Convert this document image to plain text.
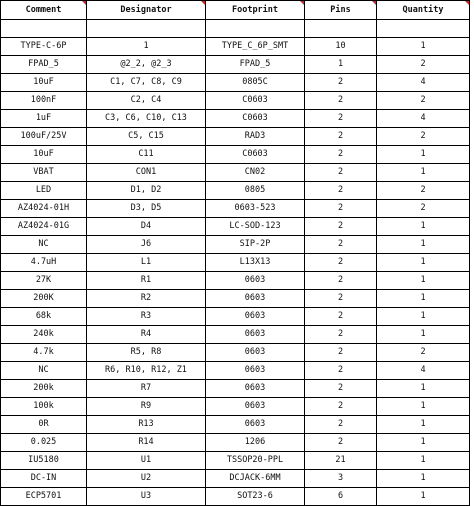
Comment	Designator	Footprint	Pins	Quantity

TYPE-C-6P	1	TYPE_C_6P_SMT	10	1
FPAD_5	@2_2, @2_3	FPAD_5	1	2
10uF	C1, C7, C8, C9	0805C	2	4
100nF	C2, C4	C0603	2	2
1uF	C3, C6, C10, C13	C0603	2	4
100uF/25V	C5, C15	RAD3	2	2
10uF	C11	C0603	2	1
VBAT	CON1	CN02	2	1
LED	D1, D2	0805	2	2
AZ4024-01H	D3, D5	0603-523	2	2
AZ4024-01G	D4	LC-SOD-123	2	1
NC	J6	SIP-2P	2	1
4.7uH	L1	L13X13	2	1
27K	R1	0603	2	1
200K	R2	0603	2	1
68k	R3	0603	2	1
240k	R4	0603	2	1
4.7k	R5, R8	0603	2	2
NC	R6, R10, R12, Z1	0603	2	4
200k	R7	0603	2	1
100k	R9	0603	2	1
0R	R13	0603	2	1
0.025	R14	1206	2	1
IU5180	U1	TSSOP20-PPL	21	1
DC-IN	U2	DCJACK-6MM	3	1
ECP5701	U3	SOT23-6	6	1
